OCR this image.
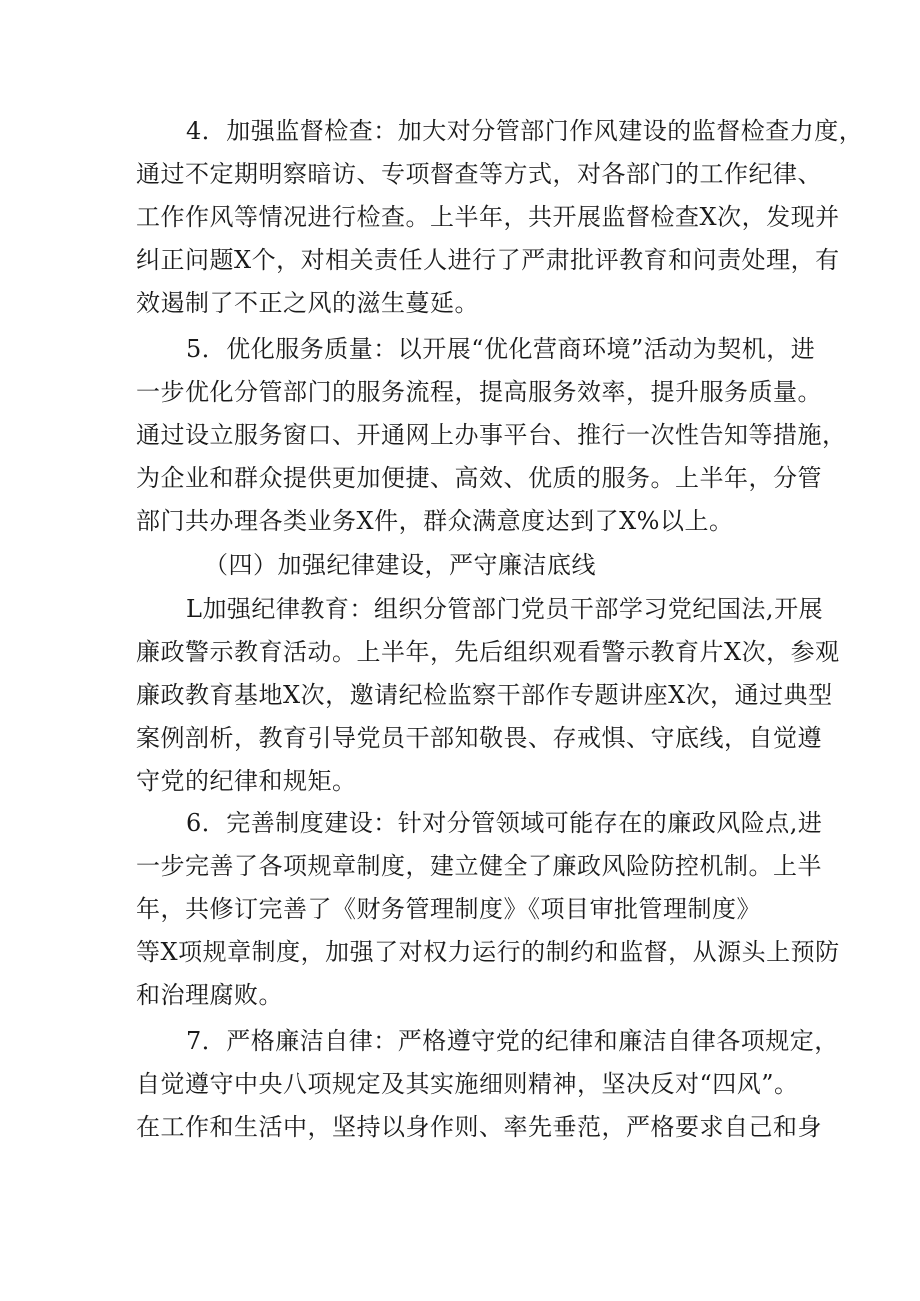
4．加强监督检查：加大对分管部门作风建设的监督检查力度，
通过不定期明察暗访、专项督查等方式，对各部门的工作纪律、
工作作风等情况进行检查。上半年，共开展监督检查X次，发现并
纠正问题X个，对相关责任人进行了严肃批评教育和问责处理，有
效遏制了不正之风的滋生蔓延。
5．优化服务质量：以开展“优化营商环境”活动为契机，进
一步优化分管部门的服务流程，提高服务效率，提升服务质量。
通过设立服务窗口、开通网上办事平台、推行一次性告知等措施，
为企业和群众提供更加便捷、高效、优质的服务。上半年，分管
部门共办理各类业务X件，群众满意度达到了X%以上。
（四）加强纪律建设，严守廉洁底线
L加强纪律教育：组织分管部门党员干部学习党纪国法,开展
廉政警示教育活动。上半年，先后组织观看警示教育片X次，参观
廉政教育基地X次，邀请纪检监察干部作专题讲座X次，通过典型
案例剖析，教育引导党员干部知敬畏、存戒惧、守底线，自觉遵
守党的纪律和规矩。
6．完善制度建设：针对分管领域可能存在的廉政风险点,进
一步完善了各项规章制度，建立健全了廉政风险防控机制。上半
年，共修订完善了《财务管理制度》《项目审批管理制度》
等X项规章制度，加强了对权力运行的制约和监督，从源头上预防
和治理腐败。
7．严格廉洁自律：严格遵守党的纪律和廉洁自律各项规定，
自觉遵守中央八项规定及其实施细则精神，坚决反对“四风”。
在工作和生活中，坚持以身作则、率先垂范，严格要求自己和身
